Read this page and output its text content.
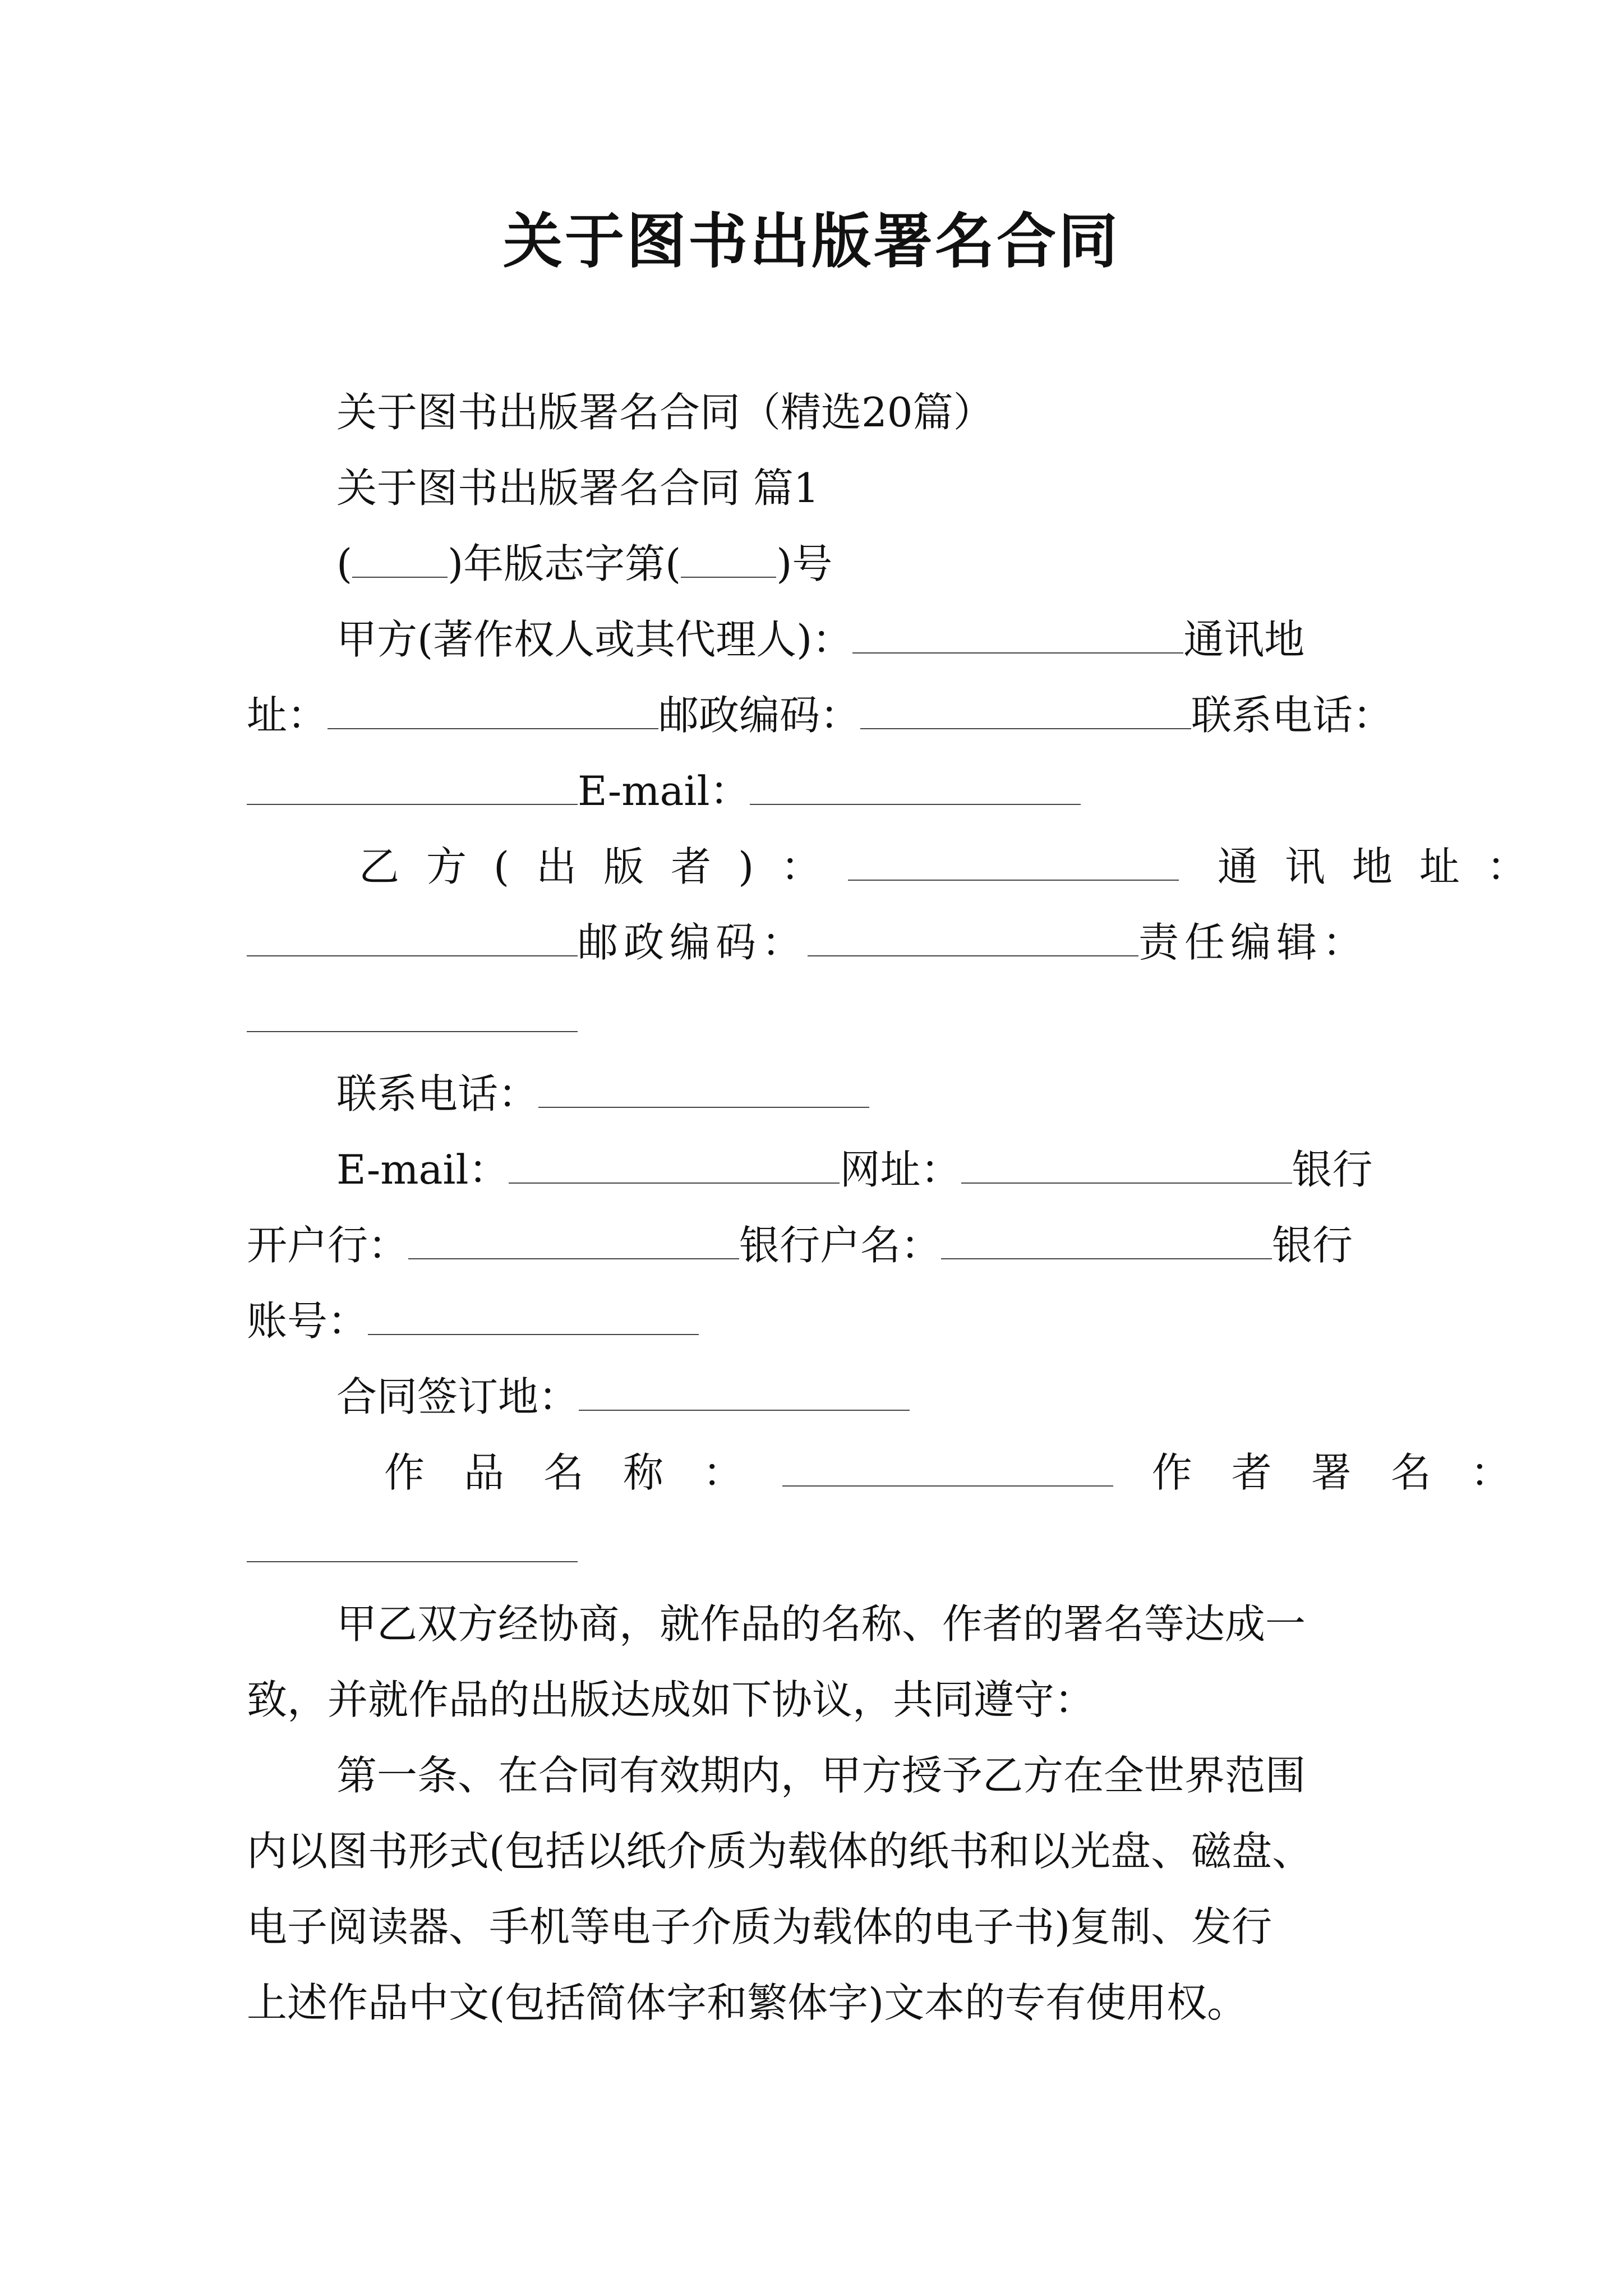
关于图书出版署名合同
关于图书出版署名合同（精选20篇）
关于图书出版署名合同 篇1
( )年版志字第( )号
甲方(著作权人或其代理人)：	通讯地
址：	邮政编码：	联系电话：
E-mail：
乙方(出版者)：	通讯地址：
邮政编码：	责任编辑：
联系电话：
E-mail：	网址：	银行
开户行：	银行户名：	银行
账号：
合同签订地：
作品名称：	作者署名：
甲乙双方经协商，就作品的名称、作者的署名等达成一
致，并就作品的出版达成如下协议，共同遵守：
第一条、在合同有效期内，甲方授予乙方在全世界范围
内以图书形式(包括以纸介质为载体的纸书和以光盘、磁盘、
电子阅读器、手机等电子介质为载体的电子书)复制、发行
上述作品中文(包括简体字和繁体字)文本的专有使用权。
